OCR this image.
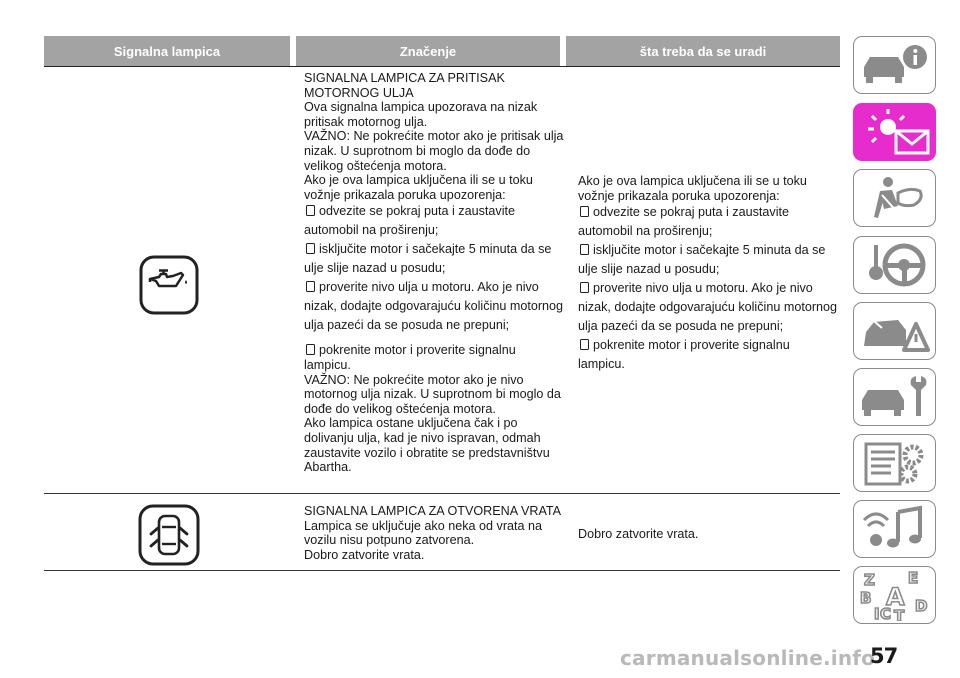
Signalna lampica	Značenje	šta treba da se uradi

SIGNALNA LAMPICA ZA PRITISAK

MOTORNOG ULJA

Ova signalna lampica upozorava na nizak pritisak motornog ulja.

VAŽNO: Ne pokrećite motor ako je pritisak ulja nizak. U suprotnom bi moglo da dođe do velikog oštećenja motora.

Ako je ova lampica uključena ili se u toku vožnje prikazala poruka upozorenja:

odvezite se pokraj puta i zaustavite automobil na proširenju;

isključite motor i sačekajte 5 minuta da se ulje slije nazad u posudu;

proverite nivo ulja u motoru. Ako je nivo nizak, dodajte odgovarajuću količinu motornog ulja pazeći da se posuda ne prepuni;

pokrenite motor i proverite signalnu lampicu.

VAŽNO: Ne pokrećite motor ako je nivo motornog ulja nizak. U suprotnom bi moglo da dođe do velikog oštećenja motora.

Ako lampica ostane uključena čak i po dolivanju ulja, kad je nivo ispravan, odmah zaustavite vozilo i obratite se predstavništvu Abartha.

Ako je ova lampica uključena ili se u toku vožnje prikazala poruka upozorenja:

odvezite se pokraj puta i zaustavite automobil na proširenju;

isključite motor i sačekajte 5 minuta da se ulje slije nazad u posudu;

proverite nivo ulja u motoru. Ako je nivo nizak, dodajte odgovarajuću količinu motornog ulja pazeći da se posuda ne prepuni;

pokrenite motor i proverite signalnu lampicu.

SIGNALNA LAMPICA ZA OTVORENA VRATA

Lampica se uključuje ako neka od vrata na vozilu nisu potpuno zatvorena.

Dobro zatvorite vrata.

Dobro zatvorite vrata.

Z E
B A D
I C T
carmanualsonline.info
57
